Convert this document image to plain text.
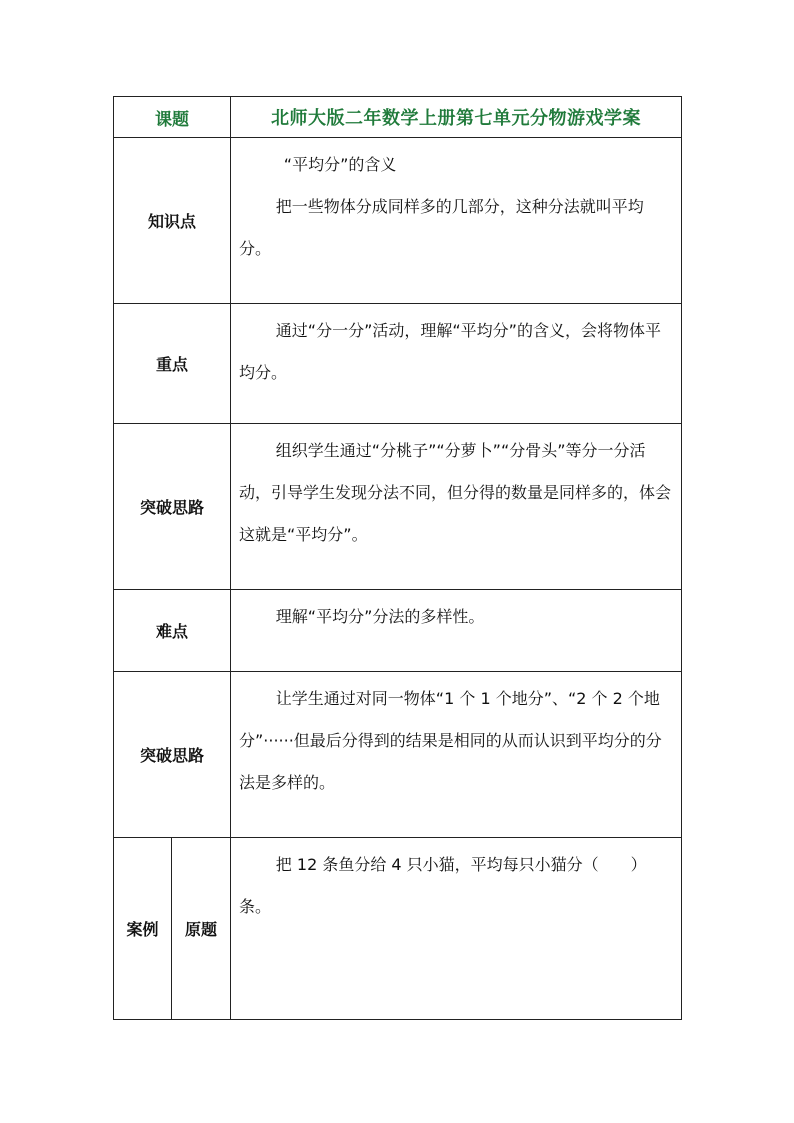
课题		北师大版二年数学上册第七单元分物游戏学案
知识点		“平均分”的含义

把一些物体分成同样多的几部分，这种分法就叫平均分。

重点		通过“分一分”活动，理解“平均分”的含义，会将物体平均分。

突破思路		组织学生通过“分桃子”“分萝卜”“分骨头”等分一分活动，引导学生发现分法不同，但分得的数量是同样多的，体会这就是“平均分”。

难点		理解“平均分”分法的多样性。

突破思路		让学生通过对同一物体“1 个 1 个地分”、“2 个 2 个地分”······但最后分得到的结果是相同的从而认识到平均分的分法是多样的。

案例	原题	把 12 条鱼分给 4 只小猫，平均每只小猫分（　　）条。
